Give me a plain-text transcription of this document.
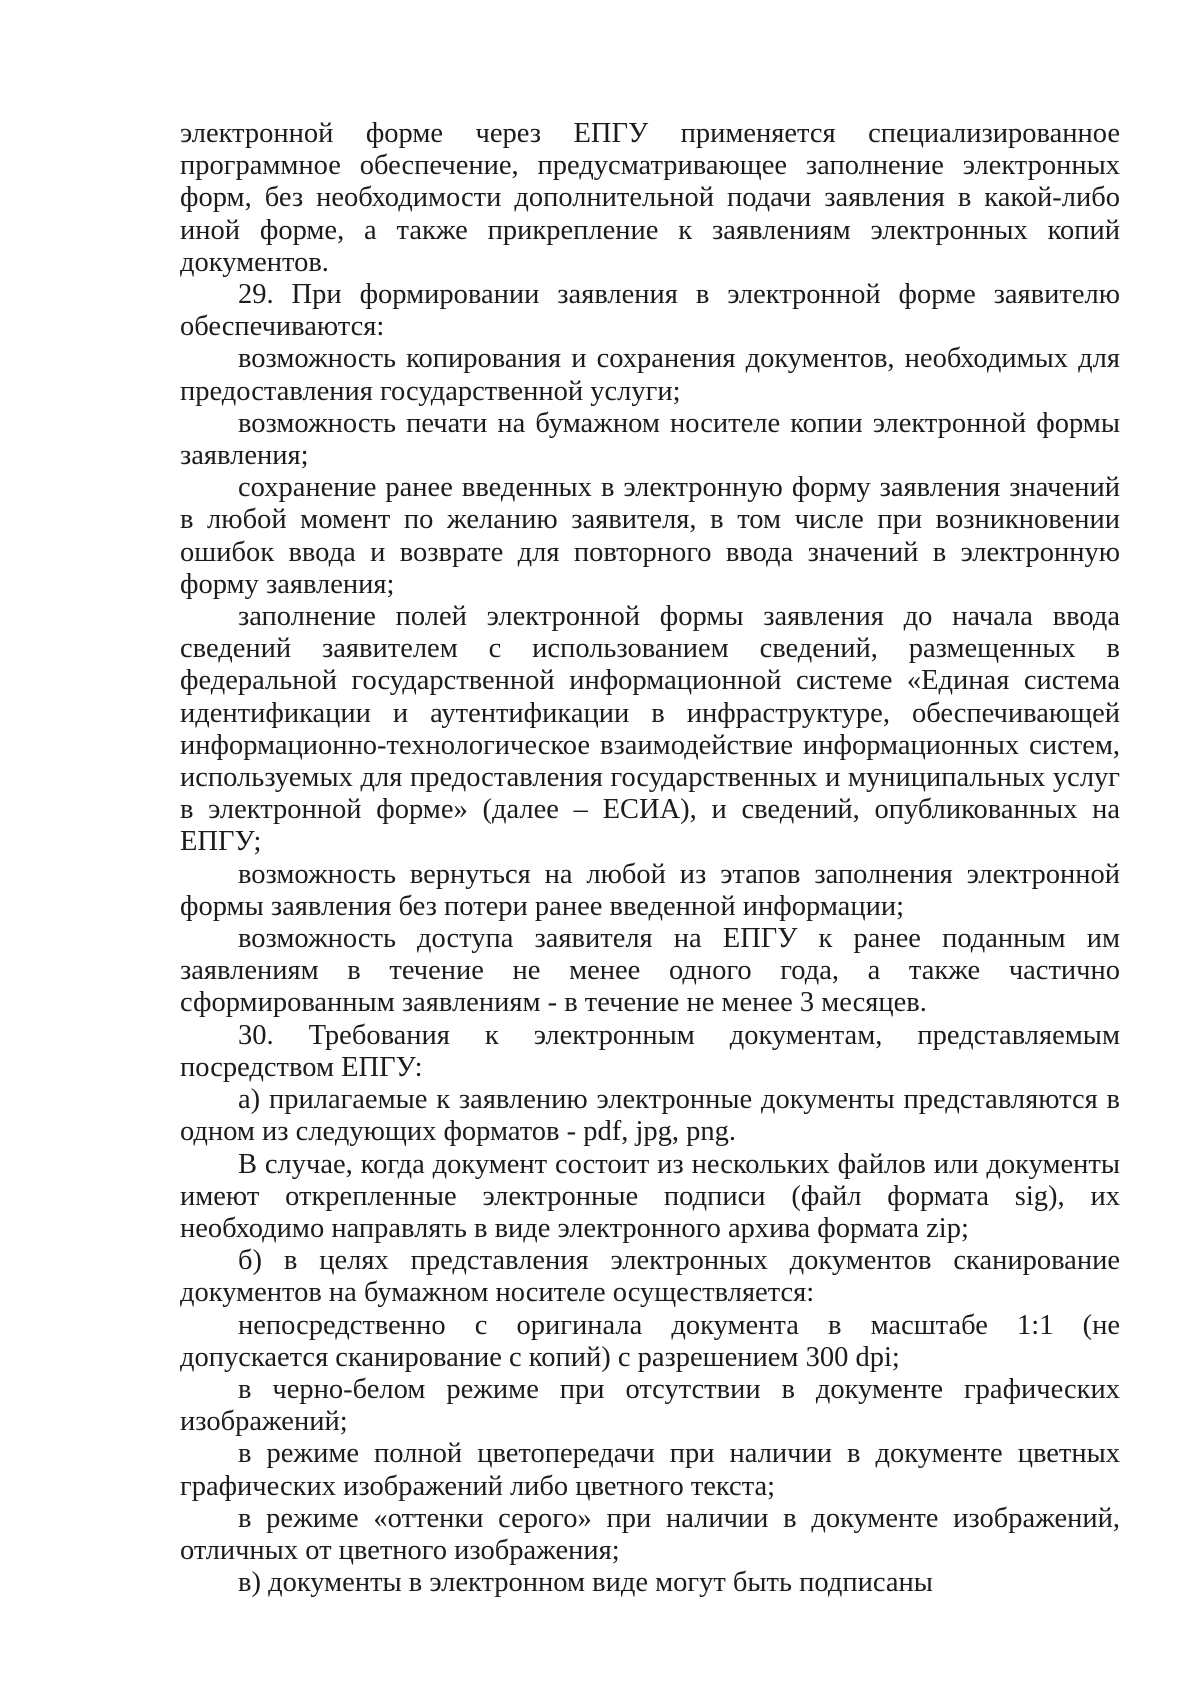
электронной форме через ЕПГУ применяется специализированное программное обеспечение, предусматривающее заполнение электронных форм, без необходимости дополнительной подачи заявления в какой-либо иной форме, а также прикрепление к заявлениям электронных копий документов.

29. При формировании заявления в электронной форме заявителю обеспечиваются:

возможность копирования и сохранения документов, необходимых для предоставления государственной услуги;

возможность печати на бумажном носителе копии электронной формы заявления;

сохранение ранее введенных в электронную форму заявления значений в любой момент по желанию заявителя, в том числе при возникновении ошибок ввода и возврате для повторного ввода значений в электронную форму заявления;

заполнение полей электронной формы заявления до начала ввода сведений заявителем с использованием сведений, размещенных в федеральной государственной информационной системе «Единая система идентификации и аутентификации в инфраструктуре, обеспечивающей информационно-технологическое взаимодействие информационных систем, используемых для предоставления государственных и муниципальных услуг в электронной форме» (далее – ЕСИА), и сведений, опубликованных на ЕПГУ;

возможность вернуться на любой из этапов заполнения электронной формы заявления без потери ранее введенной информации;

возможность доступа заявителя на ЕПГУ к ранее поданным им заявлениям в течение не менее одного года, а также частично сформированным заявлениям - в течение не менее 3 месяцев.

30. Требования к электронным документам, представляемым посредством ЕПГУ:

а) прилагаемые к заявлению электронные документы представляются в одном из следующих форматов - pdf, jpg, png.

В случае, когда документ состоит из нескольких файлов или документы имеют открепленные электронные подписи (файл формата sig), их необходимо направлять в виде электронного архива формата zip;

б) в целях представления электронных документов сканирование документов на бумажном носителе осуществляется:

непосредственно с оригинала документа в масштабе 1:1 (не допускается сканирование с копий) с разрешением 300 dpi;

в черно-белом режиме при отсутствии в документе графических изображений;

в режиме полной цветопередачи при наличии в документе цветных графических изображений либо цветного текста;

в режиме «оттенки серого» при наличии в документе изображений, отличных от цветного изображения;

в) документы в электронном виде могут быть подписаны
